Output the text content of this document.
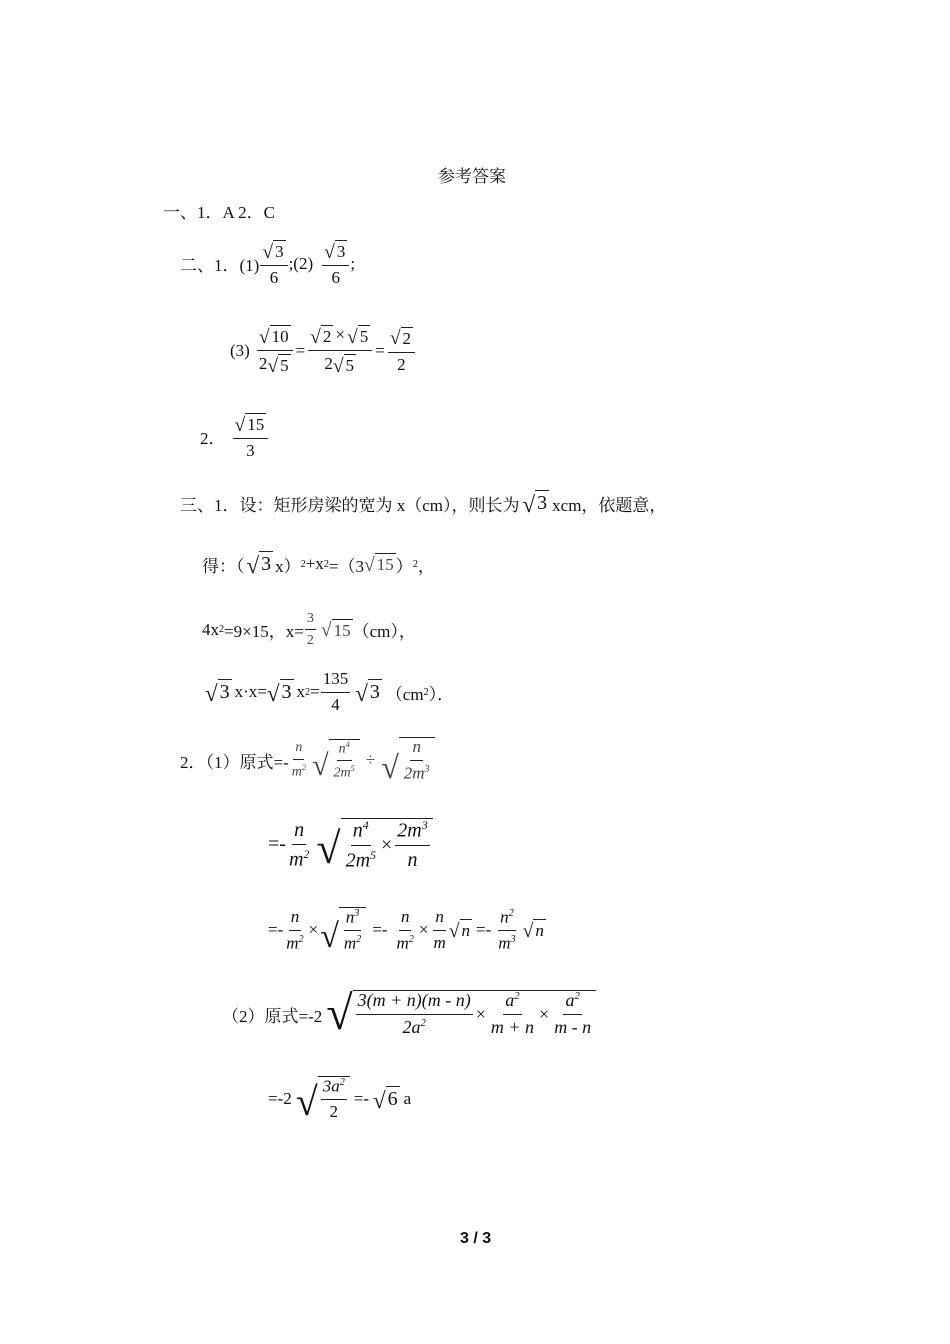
参考答案
一、1．A 2．C
二、1．$(1) \frac{√ 3}{6}$ ;(2) $\frac{√ 3}{6}$ ;
$(3) \frac{√ 10}{2 √ 5} = \frac{√ 2 \times √ 5}{2 √ 5} = \frac{√ 2}{2}$
2． $\frac{√ 15}{3}$
三、1．设：矩形房梁的宽为 x（cm），则长为 √ 3 xcm，依题意，
得：（ √ 3 x） 2 +x 2 =（3 √ 15 ） 2 ，
4x 2 =9×15，$x= \frac{3}{2}$ √ 15 （cm），
√ 3 x·x= √ 3 x $2 = \frac{135}{4}$ √ 3 （cm 2 ）．
2．（1）原式=- $\frac{n}{m^2}$ √ $\frac{n^4}{2m^5}$ ÷ √ $\frac{n}{2m^3}$
=- $\frac{n}{m^2}$ √ $\frac{n^4}{2m^5} \times \frac{2m^3}{n}$
=- $\frac{n}{m^2}$ × √ $\frac{n^3}{m^2} =- \frac{n}{m^2} \times \frac{n}{m}$ √ $n =- \frac{n^2}{m^3}$ √ n
（2）原式=-2 √ $\frac{3(m + n)(m - n)}{2a^2} \times \frac{a^2}{m + n} \times \frac{a^2}{m - n}$
=-2 √ $\frac{3a^2}{2}$ =- √ 6 a
3 / 3
